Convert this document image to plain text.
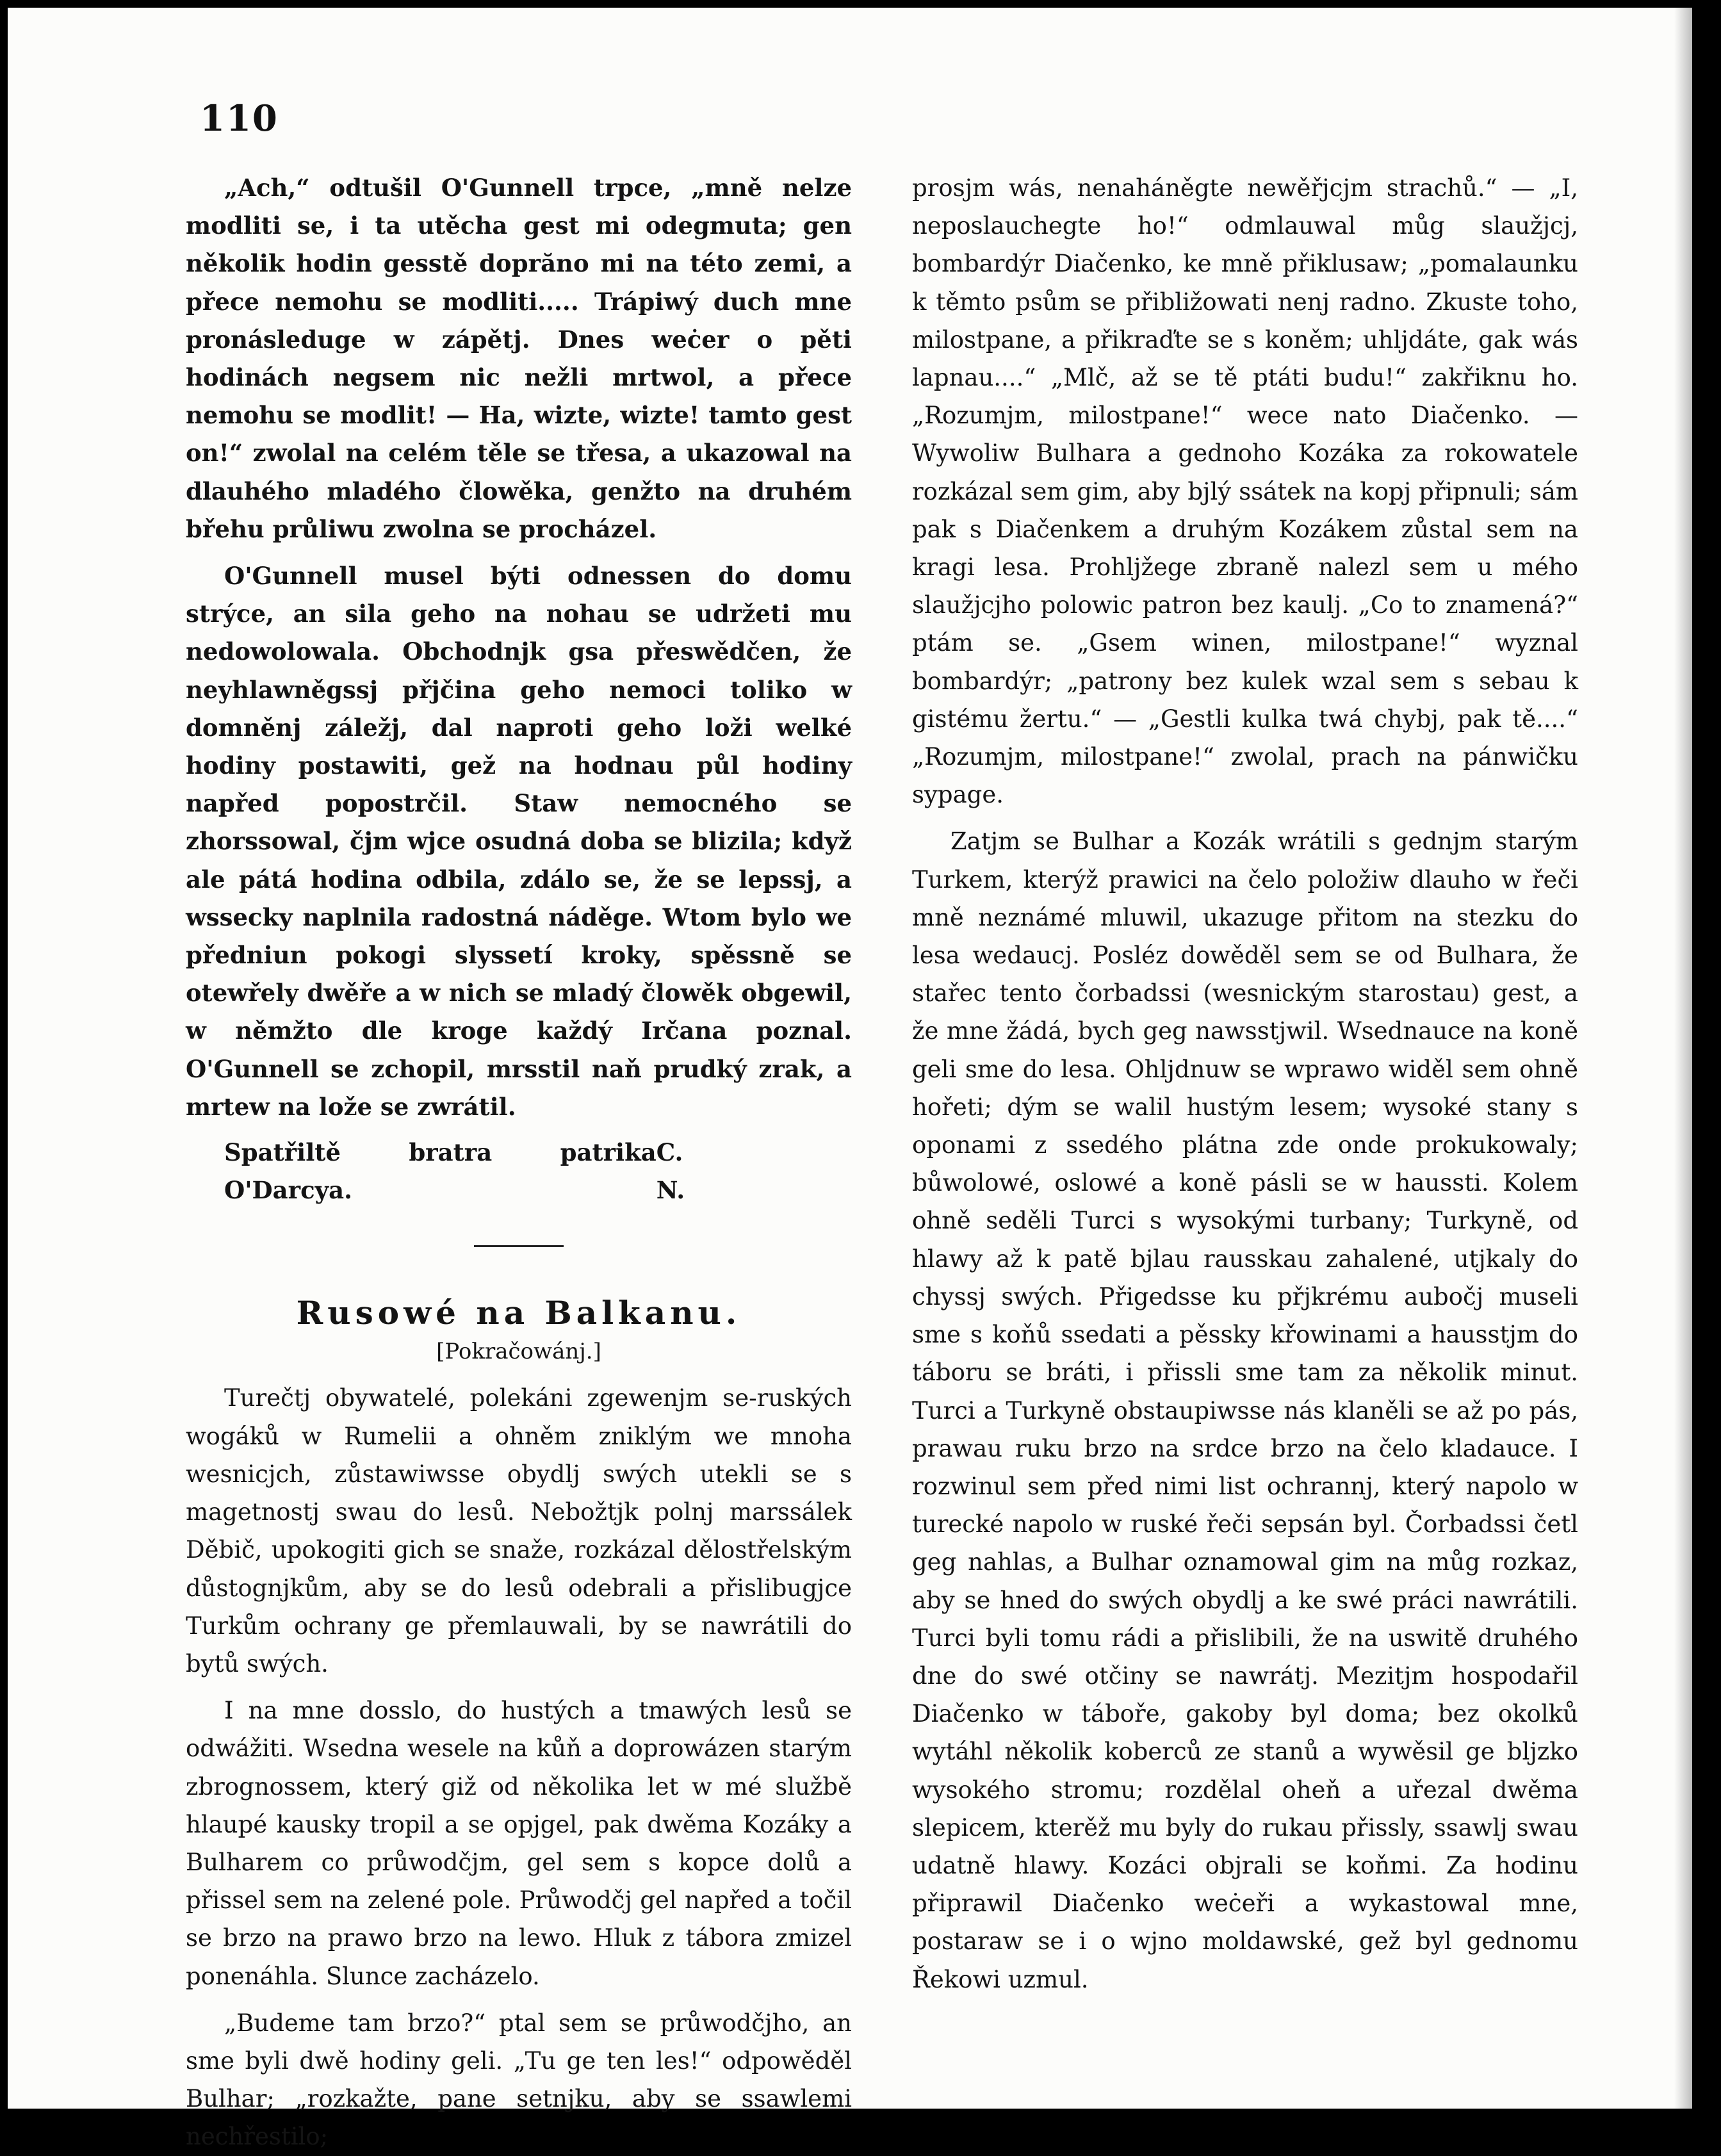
110

„Ach,“ odtušil O'Gunnell trpce, „mně nelze modliti se, i ta utěcha gest mi odegmuta; gen několik hodin gesstě doprăno mi na této zemi, a přece nemohu se modliti..... Trápiwý duch mne pronásleduge w zápětj. Dnes weċer o pěti hodinách negsem nic nežli mrtwol, a přece nemohu se modlit! — Ha, wizte, wizte! tamto gest on!“ zwolal na celém těle se třesa, a ukazowal na dlauhého mladého člowěka, genžto na druhém břehu průliwu zwolna se procházel.

O'Gunnell musel býti odnessen do domu strýce, an sila geho na nohau se udržeti mu nedowolowala. Obchodnjk gsa přeswědčen, že neyhlawněgssj přjčina geho nemoci toliko w domněnj záležj, dal naproti geho loži welké hodiny postawiti, gež na hodnau půl hodiny napřed popostrčil. Staw nemocného se zhorssowal, čjm wjce osudná doba se blizila; když ale pátá hodina odbila, zdálo se, že se lepssj, a wssecky naplnila radostná náděge. Wtom bylo we předniun pokogi slyssetí kroky, spěssně se otewřely dwěře a w nich se mladý člowěk obgewil, w němžto dle kroge každý Irčana poznal. O'Gunnell se zchopil, mrsstil naň prudký zrak, a mrtew na lože se zwrátil.

Spatřiltě bratra patrika O'Darcya.
C. N.

Rusowé na Balkanu.

[Pokračowánj.]

Turečtj obywatelé, polekáni zgewenjm se-ruských wogáků w Rumelii a ohněm zniklým we mnoha wesnicjch, zůstawiwsse obydlj swých utekli se s magetnostj swau do lesů. Nebožtjk polnj marssálek Děbič, upokogiti gich se snaže, rozkázal dělostřelským důstognjkům, aby se do lesů odebrali a přislibugjce Turkům ochrany ge přemlauwali, by se nawrátili do bytů swých.

I na mne dosslo, do hustých a tmawých lesů se odwážiti. Wsedna wesele na kůň a doprowázen starým zbrognossem, který giž od několika let w mé službě hlaupé kausky tropil a se opjgel, pak dwěma Kozáky a Bulharem co průwodčjm, gel sem s kopce dolů a přissel sem na zelené pole. Průwodčj gel napřed a točil se brzo na prawo brzo na lewo. Hluk z tábora zmizel ponenáhla. Slunce zacházelo.

„Budeme tam brzo?“ ptal sem se průwodčjho, an sme byli dwě hodiny geli. „Tu ge ten les!“ odpowěděl Bulhar; „rozkažte, pane setnjku, aby se ssawlemi nechřestilo;

prosjm wás, nenaháněgte newěřjcjm strachů.“ — „I, neposlauchegte ho!“ odmlauwal můg slaužjcj, bombardýr Diačenko, ke mně přiklusaw; „pomalaunku k těmto psům se přibližowati nenj radno. Zkuste toho, milostpane, a přikraďte se s koněm; uhljdáte, gak wás lapnau....“ „Mlč, až se tě ptáti budu!“ zakřiknu ho. „Rozumjm, milostpane!“ wece nato Diačenko. — Wywoliw Bulhara a gednoho Kozáka za rokowatele rozkázal sem gim, aby bjlý ssátek na kopj připnuli; sám pak s Diačenkem a druhým Kozákem zůstal sem na kragi lesa. Prohljžege zbraně nalezl sem u mého slaužjcjho polowic patron bez kaulj. „Co to znamená?“ ptám se. „Gsem winen, milostpane!“ wyznal bombardýr; „patrony bez kulek wzal sem s sebau k gistému žertu.“ — „Gestli kulka twá chybj, pak tě....“ „Rozumjm, milostpane!“ zwolal, prach na pánwičku sypage.

Zatjm se Bulhar a Kozák wrátili s gednjm starým Turkem, kterýž prawici na čelo položiw dlauho w řeči mně neznámé mluwil, ukazuge přitom na stezku do lesa wedaucj. Posléz dowěděl sem se od Bulhara, že stařec tento čorbadssi (wesnickým starostau) gest, a že mne žádá, bych geg nawsstjwil. Wsednauce na koně geli sme do lesa. Ohljdnuw se wprawo widěl sem ohně hořeti; dým se walil hustým lesem; wysoké stany s oponami z ssedého plátna zde onde prokukowaly; bůwolowé, oslowé a koně pásli se w haussti. Kolem ohně seděli Turci s wysokými turbany; Turkyně, od hlawy až k patě bjlau rausskau zahalené, utjkaly do chyssj swých. Přigedsse ku přjkrému aubočj museli sme s koňů ssedati a pěssky křowinami a hausstjm do táboru se bráti, i přissli sme tam za několik minut. Turci a Turkyně obstaupiwsse nás klaněli se až po pás, prawau ruku brzo na srdce brzo na čelo kladauce. I rozwinul sem před nimi list ochrannj, který napolo w turecké napolo w ruské řeči sepsán byl. Čorbadssi četl geg nahlas, a Bulhar oznamowal gim na můg rozkaz, aby se hned do swých obydlj a ke swé práci nawrátili. Turci byli tomu rádi a přislibili, že na uswitě druhého dne do swé otčiny se nawrátj. Mezitjm hospodařil Diačenko w táboře, gakoby byl doma; bez okolků wytáhl několik koberců ze stanů a wywěsil ge bljzko wysokého stromu; rozdělal oheň a uřezal dwěma slepicem, kterěž mu byly do rukau přissly, ssawlj swau udatně hlawy. Kozáci objrali se koňmi. Za hodinu připrawil Diačenko weċeři a wykastowal mne, postaraw se i o wjno moldawské, gež byl gednomu Řekowi uzmul.
